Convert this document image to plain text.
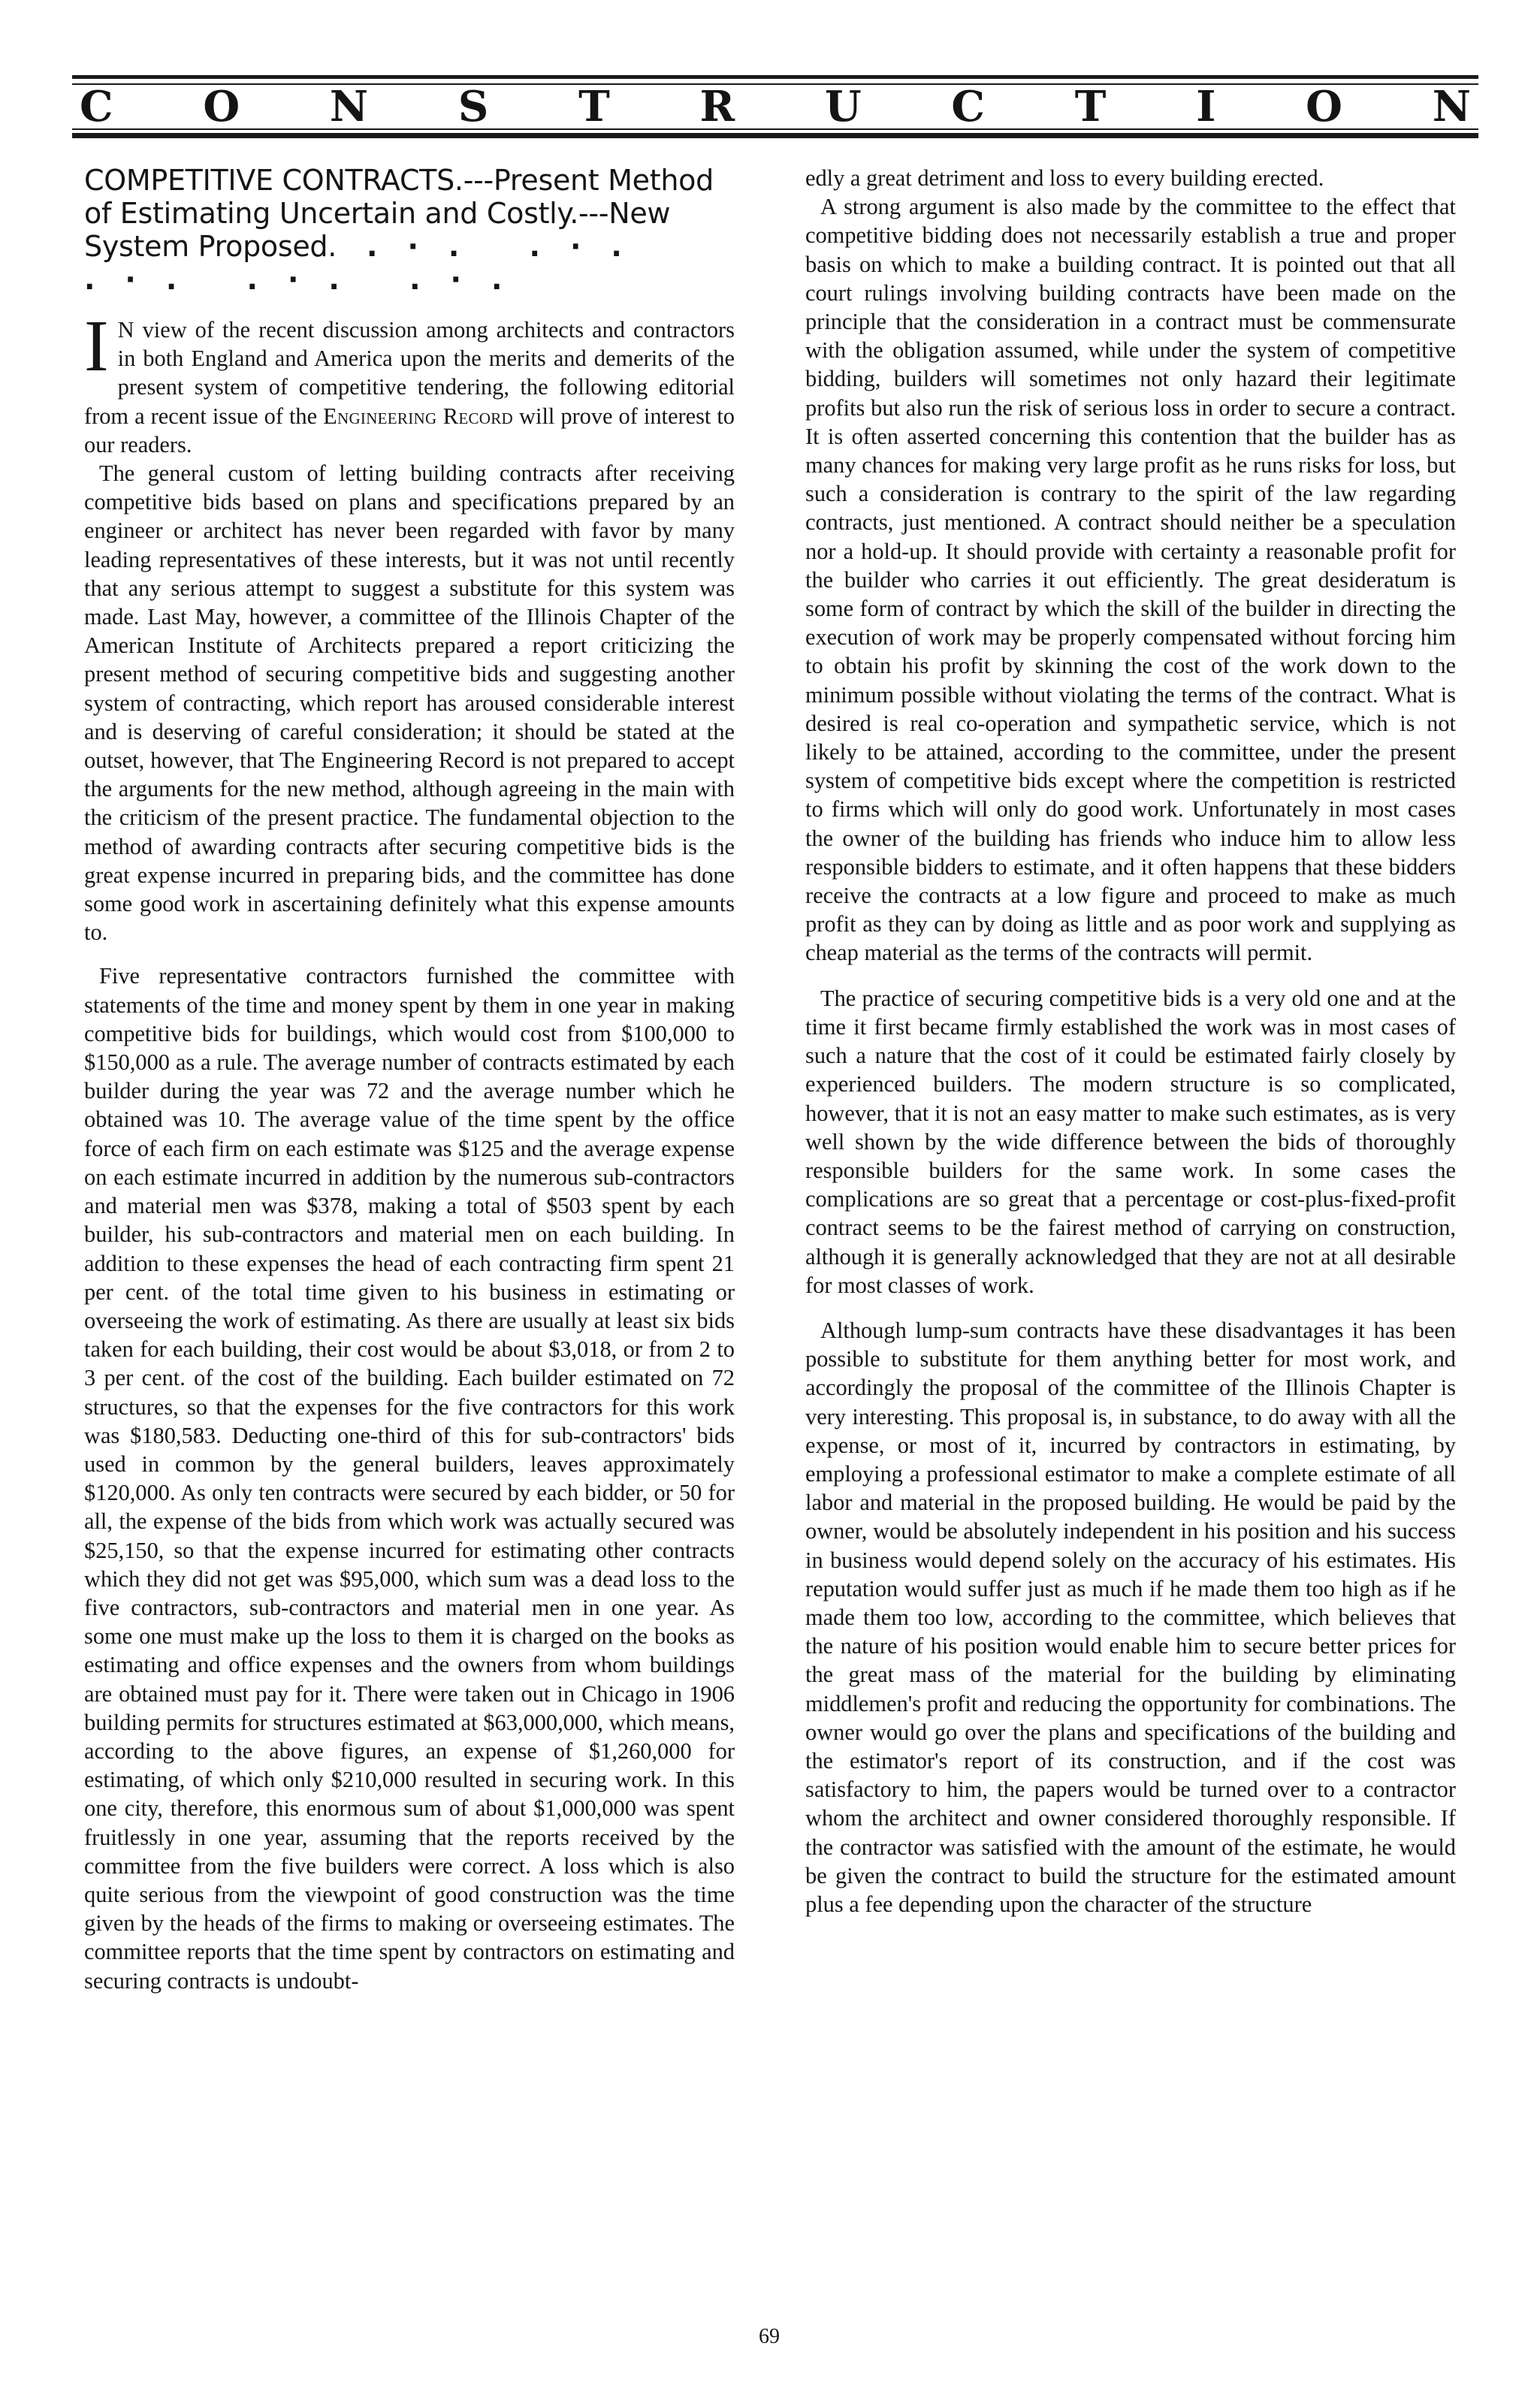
C O N S T R U C T I O N
COMPETITIVE CONTRACTS.---Present Method of Estimating Uncertain and Costly.---New System Proposed. .·. .·. .·. .·. .·.

I N view of the recent discussion among architects and contractors in both England and America upon the merits and demerits of the present system of competitive tendering, the following editorial from a recent issue of the Engineering Record will prove of interest to our readers.

The general custom of letting building contracts after receiving competitive bids based on plans and specifications prepared by an engineer or architect has never been regarded with favor by many leading representatives of these interests, but it was not until recently that any serious attempt to suggest a substitute for this system was made. Last May, however, a committee of the Illinois Chapter of the American Institute of Architects prepared a report criticizing the present method of securing competitive bids and suggesting another system of contracting, which report has aroused considerable interest and is deserving of careful consideration; it should be stated at the outset, however, that The Engineering Record is not prepared to accept the arguments for the new method, although agreeing in the main with the criticism of the present practice. The fundamental objection to the method of awarding contracts after securing competitive bids is the great expense incurred in preparing bids, and the committee has done some good work in ascertaining definitely what this expense amounts to.

Five representative contractors furnished the committee with statements of the time and money spent by them in one year in making competitive bids for buildings, which would cost from $100,000 to $150,000 as a rule. The average number of contracts estimated by each builder during the year was 72 and the average number which he obtained was 10. The average value of the time spent by the office force of each firm on each estimate was $125 and the average expense on each estimate incurred in addition by the numerous sub-contractors and material men was $378, making a total of $503 spent by each builder, his sub-contractors and material men on each building. In addition to these expenses the head of each contracting firm spent 21 per cent. of the total time given to his business in estimating or overseeing the work of estimating. As there are usually at least six bids taken for each building, their cost would be about $3,018, or from 2 to 3 per cent. of the cost of the building. Each builder estimated on 72 structures, so that the expenses for the five contractors for this work was $180,583. Deducting one-third of this for sub-contractors' bids used in common by the general builders, leaves approximately $120,000. As only ten contracts were secured by each bidder, or 50 for all, the expense of the bids from which work was actually secured was $25,150, so that the expense incurred for estimating other contracts which they did not get was $95,000, which sum was a dead loss to the five contractors, sub-contractors and material men in one year. As some one must make up the loss to them it is charged on the books as estimating and office expenses and the owners from whom buildings are obtained must pay for it. There were taken out in Chicago in 1906 building permits for structures estimated at $63,000,000, which means, according to the above figures, an expense of $1,260,000 for estimating, of which only $210,000 resulted in securing work. In this one city, therefore, this enormous sum of about $1,000,000 was spent fruitlessly in one year, assuming that the reports received by the committee from the five builders were correct. A loss which is also quite serious from the viewpoint of good construction was the time given by the heads of the firms to making or overseeing estimates. The committee reports that the time spent by contractors on estimating and securing contracts is undoubt-

edly a great detriment and loss to every building erected.

A strong argument is also made by the committee to the effect that competitive bidding does not necessarily establish a true and proper basis on which to make a building contract. It is pointed out that all court rulings involving building contracts have been made on the principle that the consideration in a contract must be commensurate with the obligation assumed, while under the system of competitive bidding, builders will sometimes not only hazard their legitimate profits but also run the risk of serious loss in order to secure a contract. It is often asserted concerning this contention that the builder has as many chances for making very large profit as he runs risks for loss, but such a consideration is contrary to the spirit of the law regarding contracts, just mentioned. A contract should neither be a speculation nor a hold-up. It should provide with certainty a reasonable profit for the builder who carries it out efficiently. The great desideratum is some form of contract by which the skill of the builder in directing the execution of work may be properly compensated without forcing him to obtain his profit by skinning the cost of the work down to the minimum possible without violating the terms of the contract. What is desired is real co-operation and sympathetic service, which is not likely to be attained, according to the committee, under the present system of competitive bids except where the competition is restricted to firms which will only do good work. Unfortunately in most cases the owner of the building has friends who induce him to allow less responsible bidders to estimate, and it often happens that these bidders receive the contracts at a low figure and proceed to make as much profit as they can by doing as little and as poor work and supplying as cheap material as the terms of the contracts will permit.

The practice of securing competitive bids is a very old one and at the time it first became firmly established the work was in most cases of such a nature that the cost of it could be estimated fairly closely by experienced builders. The modern structure is so complicated, however, that it is not an easy matter to make such estimates, as is very well shown by the wide difference between the bids of thoroughly responsible builders for the same work. In some cases the complications are so great that a percentage or cost-plus-fixed-profit contract seems to be the fairest method of carrying on construction, although it is generally acknowledged that they are not at all desirable for most classes of work.

Although lump-sum contracts have these disadvantages it has been possible to substitute for them anything better for most work, and accordingly the proposal of the committee of the Illinois Chapter is very interesting. This proposal is, in substance, to do away with all the expense, or most of it, incurred by contractors in estimating, by employing a professional estimator to make a complete estimate of all labor and material in the proposed building. He would be paid by the owner, would be absolutely independent in his position and his success in business would depend solely on the accuracy of his estimates. His reputation would suffer just as much if he made them too high as if he made them too low, according to the committee, which believes that the nature of his position would enable him to secure better prices for the great mass of the material for the building by eliminating middlemen's profit and reducing the opportunity for combinations. The owner would go over the plans and specifications of the building and the estimator's report of its construction, and if the cost was satisfactory to him, the papers would be turned over to a contractor whom the architect and owner considered thoroughly responsible. If the contractor was satisfied with the amount of the estimate, he would be given the contract to build the structure for the estimated amount plus a fee depending upon the character of the structure

69
